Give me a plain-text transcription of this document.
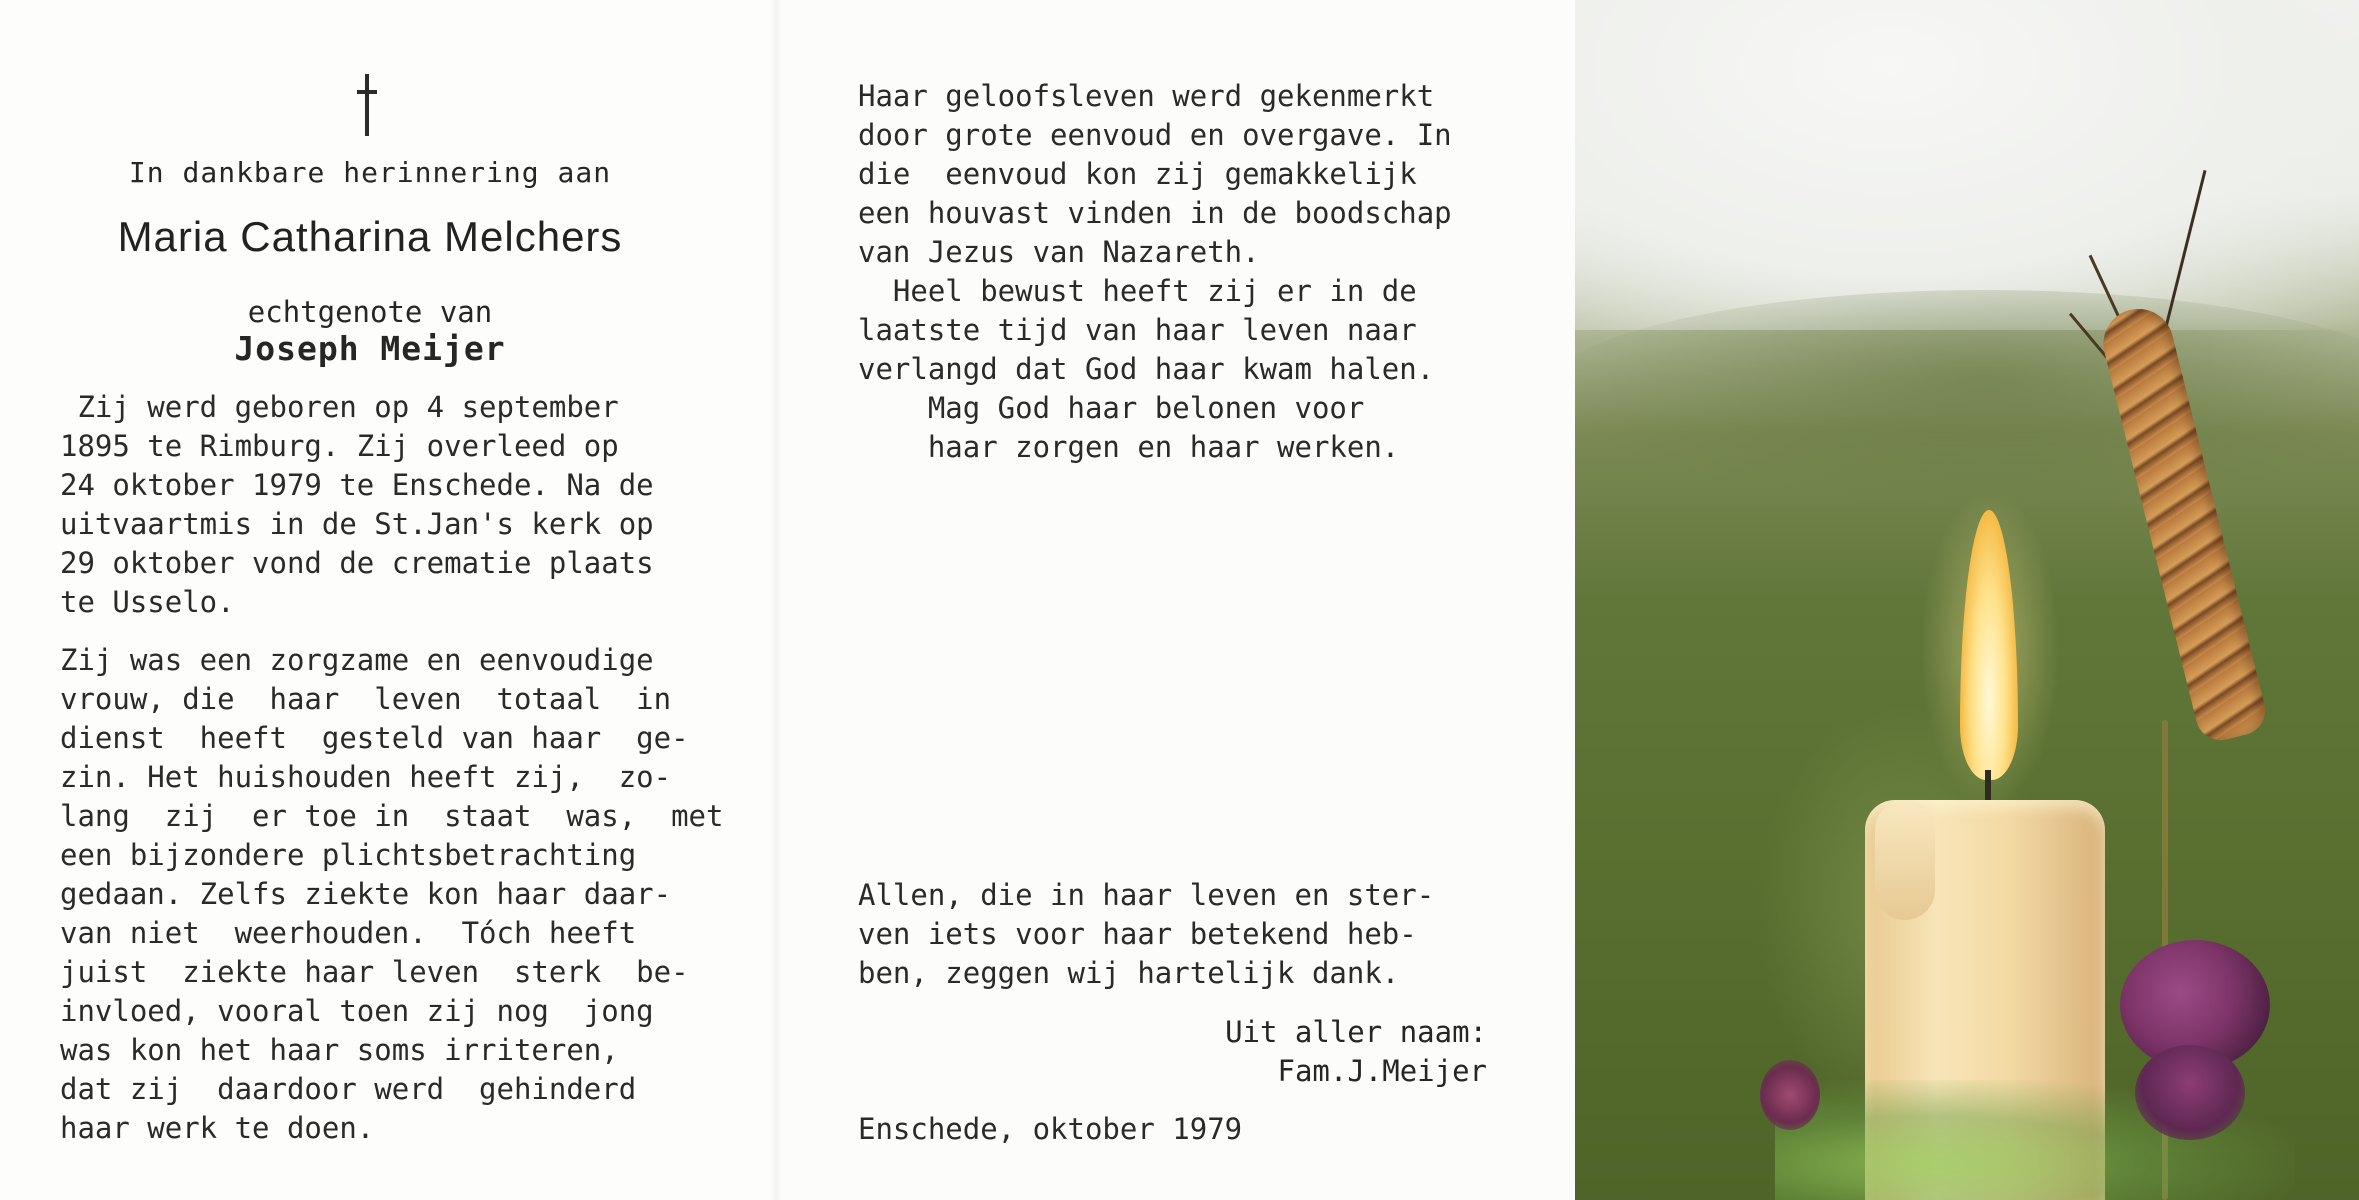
In dankbare herinnering aan
Maria Catharina Melchers
echtgenote van
Joseph Meijer
Zij werd geboren op 4 september
1895 te Rimburg. Zij overleed op
24 oktober 1979 te Enschede. Na de
uitvaartmis in de St.Jan's kerk op
29 oktober vond de crematie plaats
te Usselo.
Zij was een zorgzame en eenvoudige
vrouw, die  haar  leven  totaal  in
dienst  heeft  gesteld van haar  ge-
zin. Het huishouden heeft zij,  zo-
lang  zij  er toe in  staat  was,  met
een bijzondere plichtsbetrachting
gedaan. Zelfs ziekte kon haar daar-
van niet  weerhouden.  Tóch heeft
juist  ziekte haar leven  sterk  be-
invloed, vooral toen zij nog  jong
was kon het haar soms irriteren,
dat zij  daardoor werd  gehinderd
haar werk te doen.
Haar geloofsleven werd gekenmerkt
door grote eenvoud en overgave. In
die  eenvoud kon zij gemakkelijk
een houvast vinden in de boodschap
van Jezus van Nazareth.
Heel bewust heeft zij er in de
laatste tijd van haar leven naar
verlangd dat God haar kwam halen.
Mag God haar belonen voor
haar zorgen en haar werken.
Allen, die in haar leven en ster-
ven iets voor haar betekend heb-
ben, zeggen wij hartelijk dank.
Uit aller naam:
Fam.J.Meijer
Enschede, oktober 1979
